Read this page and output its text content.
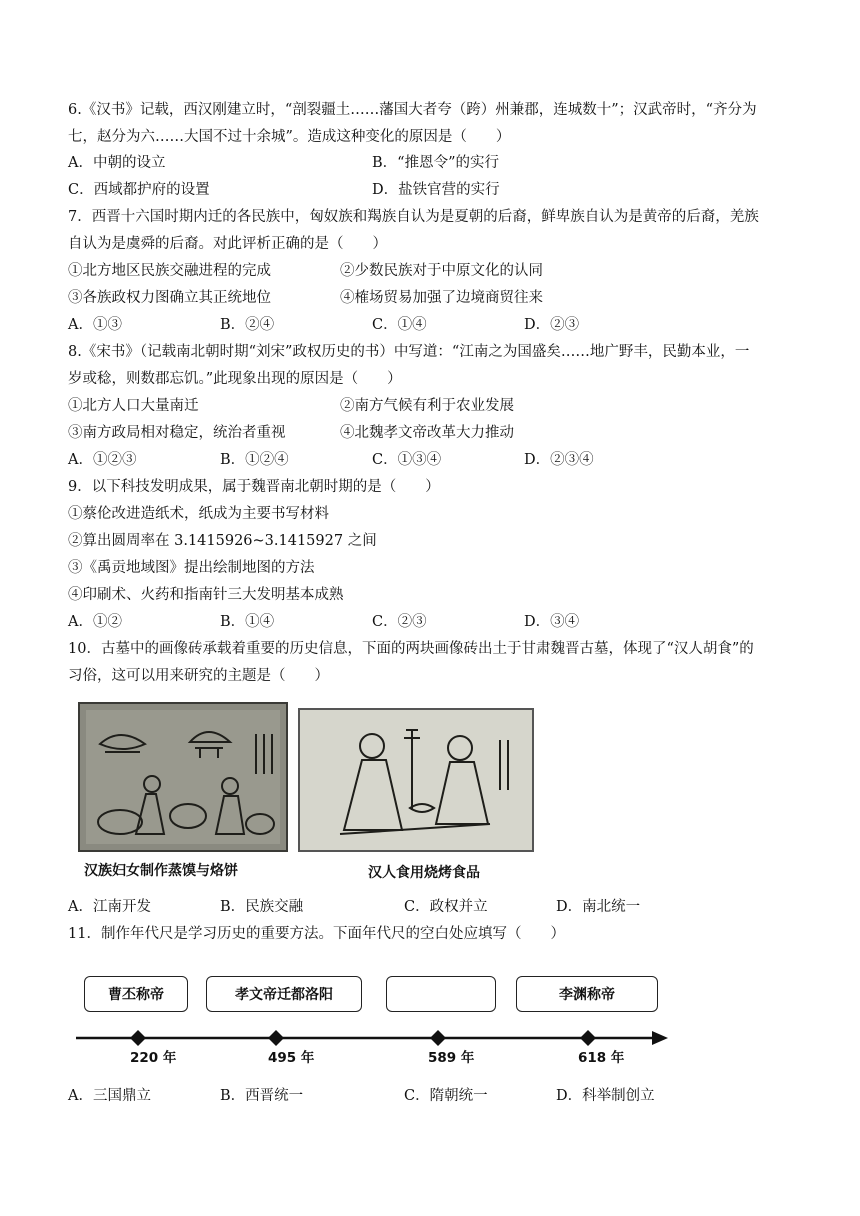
6.《汉书》记载，西汉刚建立时，“剖裂疆土……藩国大者夸（跨）州兼郡，连城数十”；汉武帝时，“齐分为
七，赵分为六……大国不过十余城”。造成这种变化的原因是（　　）
A．中朝的设立	B．“推恩令”的实行
C．西域都护府的设置	D．盐铁官营的实行
7．西晋十六国时期内迁的各民族中，匈奴族和羯族自认为是夏朝的后裔，鲜卑族自认为是黄帝的后裔，羌族
自认为是虞舜的后裔。对此评析正确的是（　　）
①北方地区民族交融进程的完成	②少数民族对于中原文化的认同
③各族政权力图确立其正统地位	④榷场贸易加强了边境商贸往来
A．①③	B．②④	C．①④	D．②③
8.《宋书》（记载南北朝时期“刘宋”政权历史的书）中写道：“江南之为国盛矣……地广野丰，民勤本业，一
岁或稔，则数郡忘饥。”此现象出现的原因是（　　）
①北方人口大量南迁	②南方气候有利于农业发展
③南方政局相对稳定，统治者重视	④北魏孝文帝改革大力推动
A．①②③	B．①②④	C．①③④	D．②③④
9．以下科技发明成果，属于魏晋南北朝时期的是（　　）
①蔡伦改进造纸术，纸成为主要书写材料
②算出圆周率在 3.1415926~3.1415927 之间
③《禹贡地域图》提出绘制地图的方法
④印刷术、火药和指南针三大发明基本成熟
A．①②	B．①④	C．②③	D．③④
10．古墓中的画像砖承载着重要的历史信息，下面的两块画像砖出土于甘肃魏晋古墓，体现了“汉人胡食”的
习俗，这可以用来研究的主题是（　　）
汉族妇女制作蒸馍与烙饼	汉人食用烧烤食品
A．江南开发	B．民族交融	C．政权并立	D．南北统一
11．制作年代尺是学习历史的重要方法。下面年代尺的空白处应填写（　　）
曹丕称帝	孝文帝迁都洛阳	李渊称帝
220 年	495 年	589 年	618 年
A．三国鼎立	B．西晋统一	C．隋朝统一	D．科举制创立
